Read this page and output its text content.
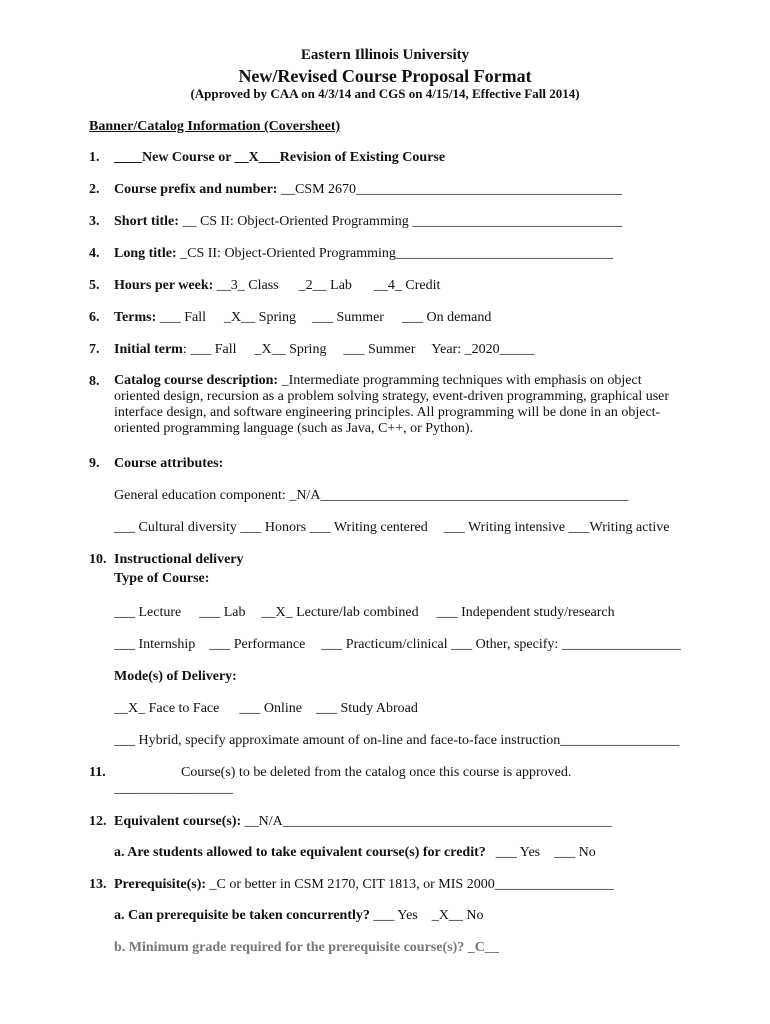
Eastern Illinois University
New/Revised Course Proposal Format
(Approved by CAA on 4/3/14 and CGS on 4/15/14, Effective Fall 2014)
Banner/Catalog Information (Coversheet)
1. ____New Course or __X___Revision of Existing Course
2. Course prefix and number: __CSM 2670______________________________________
3. Short title: __ CS II: Object-Oriented Programming ______________________________
4. Long title: _CS II: Object-Oriented Programming_______________________________
5. Hours per week: __3_ Class _2__ Lab __4_ Credit
6. Terms: ___ Fall _X__ Spring ___ Summer ___ On demand
7. Initial term: ___ Fall _X__ Spring ___ Summer Year: _2020_____
8.	Catalog course description: _Intermediate programming techniques with emphasis on object oriented design, recursion as a problem solving strategy, event-driven programming, graphical user interface design, and software engineering principles. All programming will be done in an object-oriented programming language (such as Java, C++, or Python).
9. Course attributes:
General education component: _N/A____________________________________________
___ Cultural diversity ___ Honors ___ Writing centered ___ Writing intensive ___Writing active
10. Instructional delivery
Type of Course:
___ Lecture ___ Lab __X_ Lecture/lab combined ___ Independent study/research
___ Internship ___ Performance ___ Practicum/clinical ___ Other, specify: _________________
Mode(s) of Delivery:
__X_ Face to Face ___ Online ___ Study Abroad
___ Hybrid, specify approximate amount of on-line and face-to-face instruction_________________
11.	Course(s) to be deleted from the catalog once this course is approved.
_________________
12. Equivalent course(s): __N/A_______________________________________________
a. Are students allowed to take equivalent course(s) for credit? ___ Yes ___ No
13. Prerequisite(s): _C or better in CSM 2170, CIT 1813, or MIS 2000_________________
a. Can prerequisite be taken concurrently? ___ Yes _X__ No
b. Minimum grade required for the prerequisite course(s)? _C__
